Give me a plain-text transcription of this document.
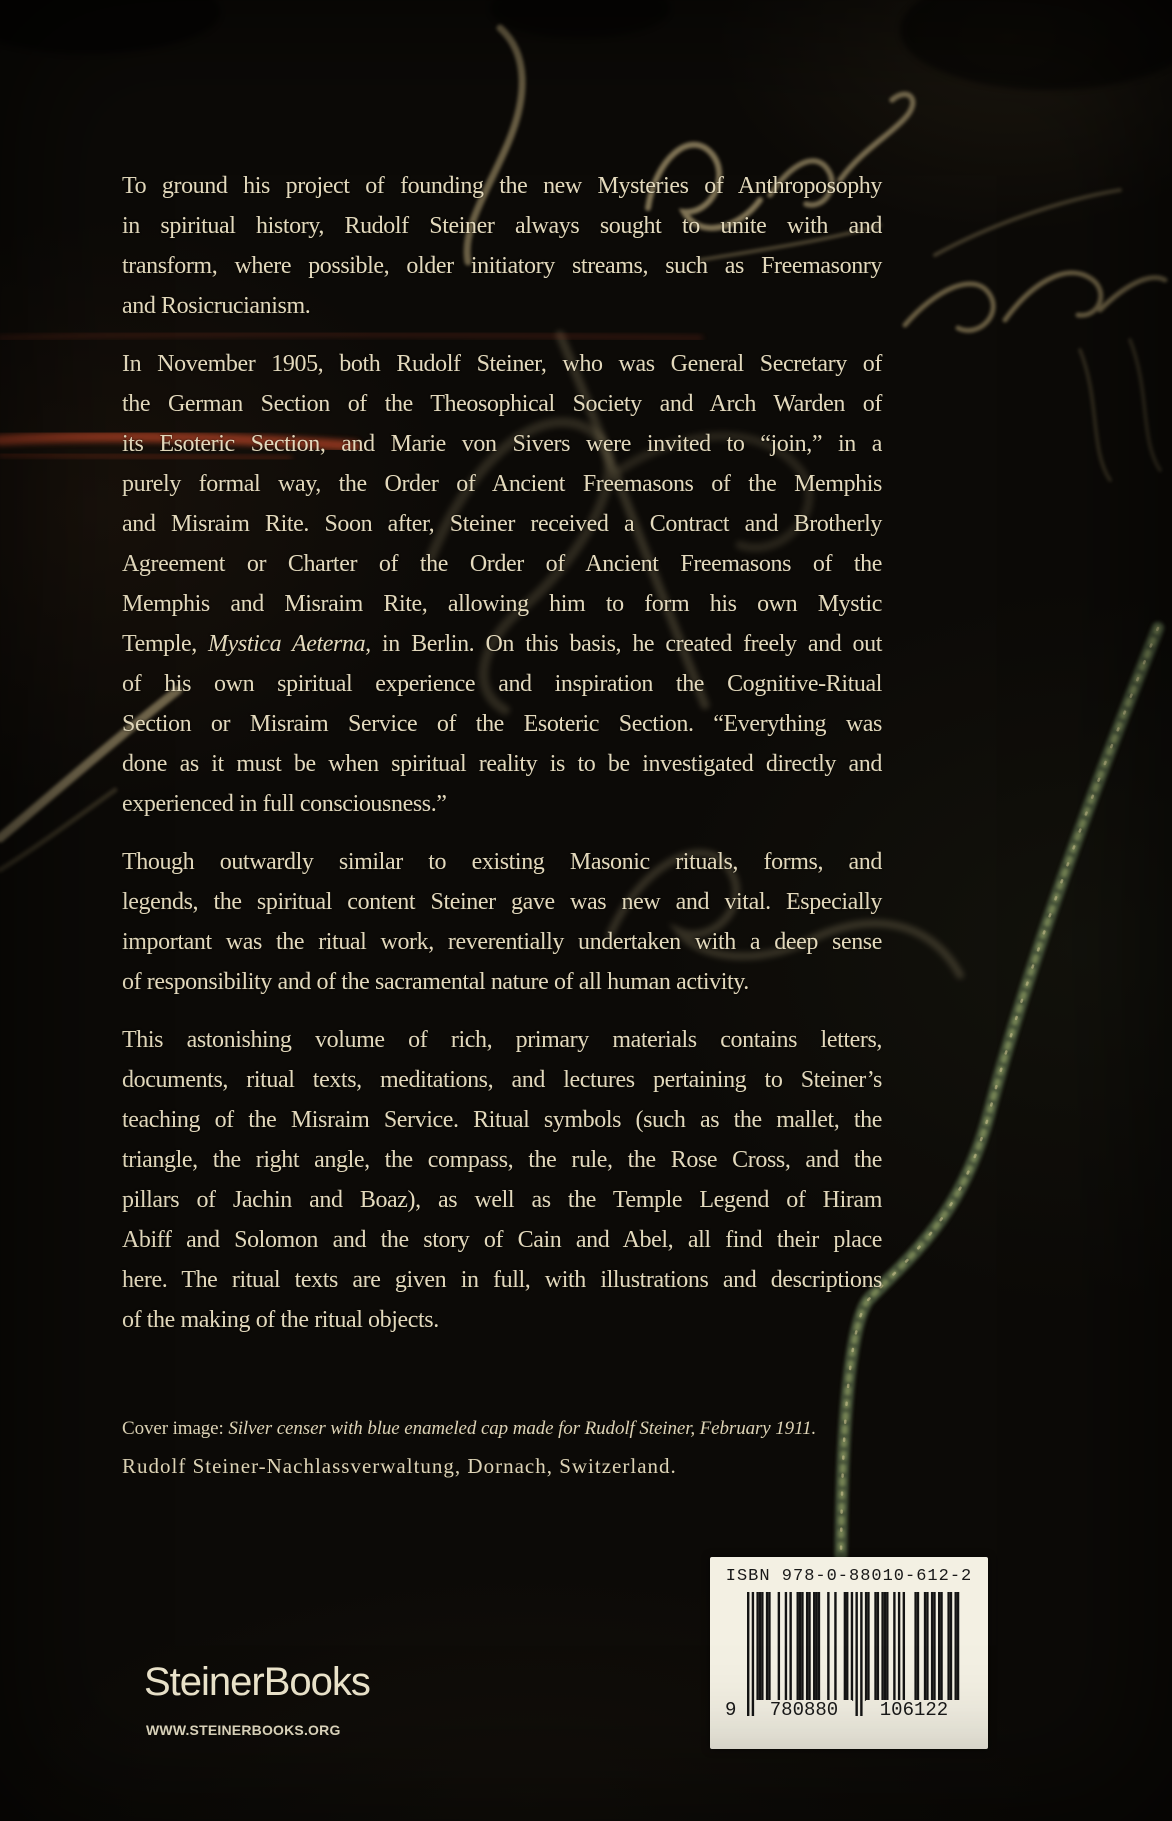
To ground his project of founding the new Mysteries of Anthroposophy
in spiritual history, Rudolf Steiner always sought to unite with and
transform, where possible, older initiatory streams, such as Freemasonry
and Rosicrucianism.
In November 1905, both Rudolf Steiner, who was General Secretary of
the German Section of the Theosophical Society and Arch Warden of
its Esoteric Section, and Marie von Sivers were invited to “join,” in a
purely formal way, the Order of Ancient Freemasons of the Memphis
and Misraim Rite. Soon after, Steiner received a Contract and Brotherly
Agreement or Charter of the Order of Ancient Freemasons of the
Memphis and Misraim Rite, allowing him to form his own Mystic
Temple, Mystica Aeterna, in Berlin. On this basis, he created freely and out
of his own spiritual experience and inspiration the Cognitive-Ritual
Section or Misraim Service of the Esoteric Section. “Everything was
done as it must be when spiritual reality is to be investigated directly and
experienced in full consciousness.”
Though outwardly similar to existing Masonic rituals, forms, and
legends, the spiritual content Steiner gave was new and vital. Especially
important was the ritual work, reverentially undertaken with a deep sense
of responsibility and of the sacramental nature of all human activity.
This astonishing volume of rich, primary materials contains letters,
documents, ritual texts, meditations, and lectures pertaining to Steiner’s
teaching of the Misraim Service. Ritual symbols (such as the mallet, the
triangle, the right angle, the compass, the rule, the Rose Cross, and the
pillars of Jachin and Boaz), as well as the Temple Legend of Hiram
Abiff and Solomon and the story of Cain and Abel, all find their place
here. The ritual texts are given in full, with illustrations and descriptions
of the making of the ritual objects.
Cover image: Silver censer with blue enameled cap made for Rudolf Steiner, February 1911.
Rudolf Steiner-Nachlassverwaltung, Dornach, Switzerland.
ISBN 978-0-88010-612-2
9	780880	106122
SteinerBooks
WWW.STEINERBOOKS.ORG
